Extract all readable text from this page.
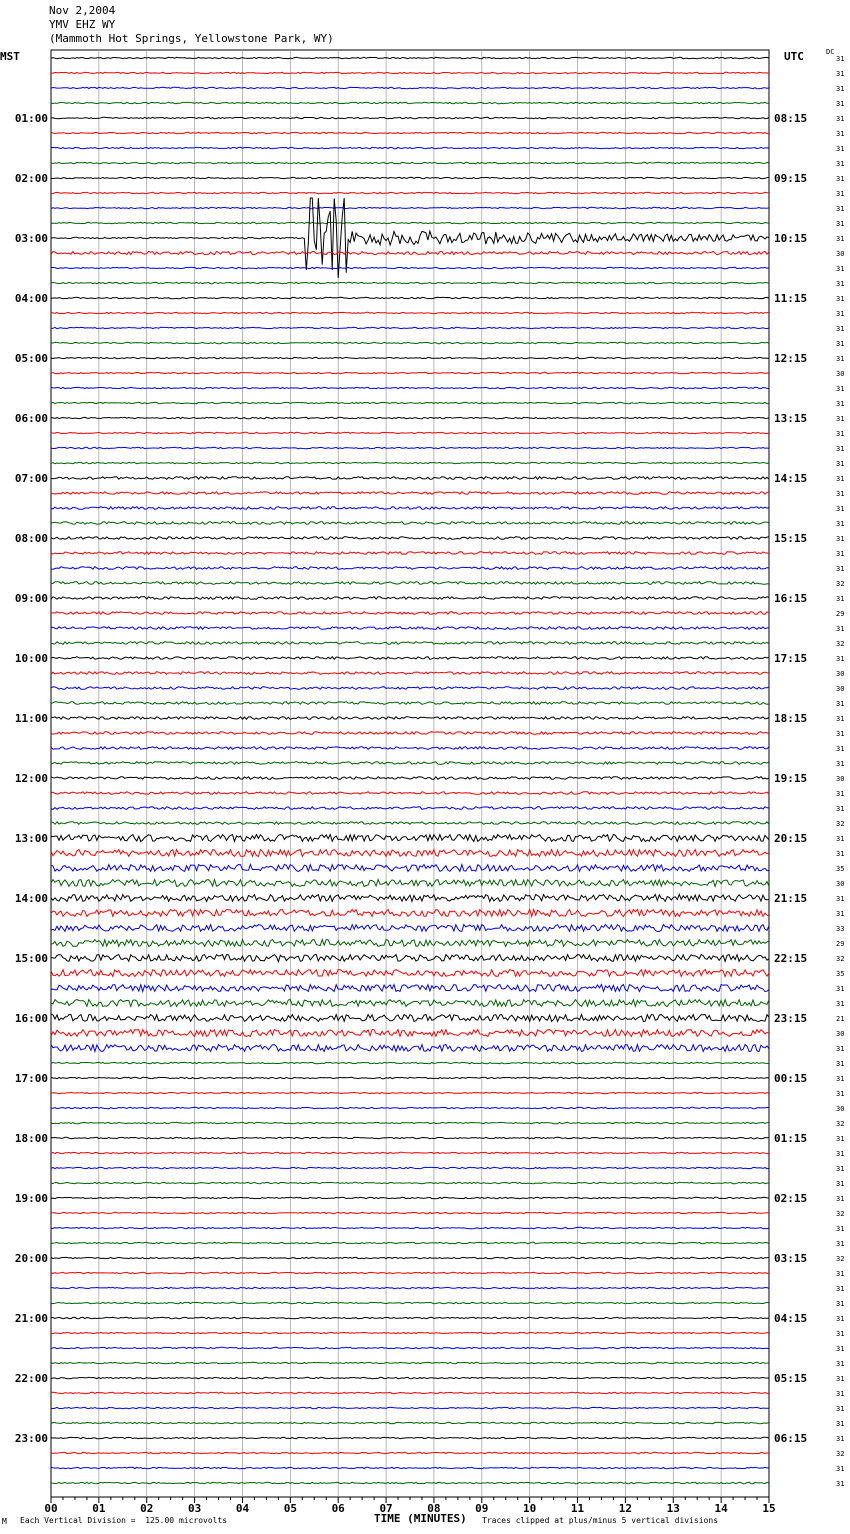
Nov 2,2004
YMV EHZ WY
(Mammoth Hot Springs, Yellowstone Park, WY)
MST	UTC	DC
00	01	02	03	04	05	06	07	08	09	10	11	12	13	14	15
31
31
31
31
31
01:00	08:15
31
31
31
31
02:00	09:15
31
31
31
31
03:00	10:15
30
31
31
31
04:00	11:15
31
31
31
31
05:00	12:15
30
31
31
31
06:00	13:15
31
31
31
31
07:00	14:15
31
31
31
31
08:00	15:15
31
31
32
31
09:00	16:15
29
31
32
31
10:00	17:15
30
30
31
31
11:00	18:15
31
31
31
30
12:00	19:15
31
31
32
31
13:00	20:15
31
35
30
31
14:00	21:15
31
33
29
32
15:00	22:15
35
31
31
21
16:00	23:15
30
31
31
31
17:00	00:15
31
30
32
31
18:00	01:15
31
31
31
31
19:00	02:15
32
31
31
32
20:00	03:15
31
31
31
31
21:00	04:15
31
31
31
31
22:00	05:15
31
31
31
31
23:00	06:15
32
31
31
M Each Vertical Division =  125.00 microvolts	TIME (MINUTES) Traces clipped at plus/minus 5 vertical divisions
